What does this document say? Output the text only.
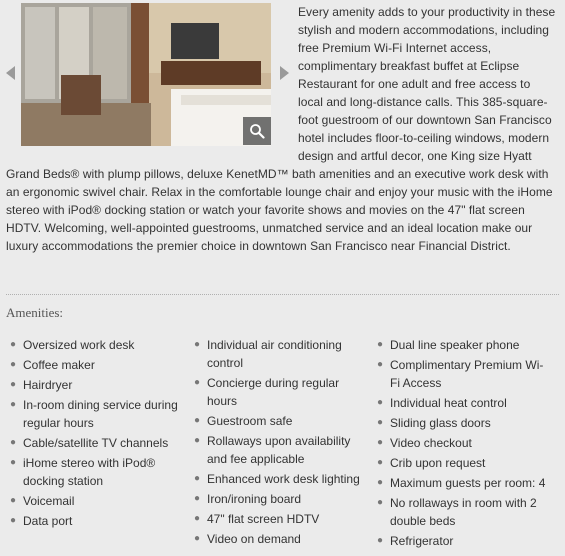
Every amenity adds to your productivity in these stylish and modern accommodations, including free Premium Wi-Fi Internet access, complimentary breakfast buffet at Eclipse Restaurant for one adult and free access to local and long-distance calls. This 385-square-foot guestroom of our downtown San Francisco hotel includes floor-to-ceiling windows, modern design and artful decor, one King size Hyatt Grand Beds® with plump pillows, deluxe KenetMD™ bath amenities and an executive work desk with an ergonomic swivel chair. Relax in the comfortable lounge chair and enjoy your music with the iHome stereo with iPod® docking station or watch your favorite shows and movies on the 47" flat screen HDTV. Welcoming, well-appointed guestrooms, unmatched service and an ideal location make our luxury accommodations the premier choice in downtown San Francisco near Financial District.

Amenities:
● Oversized work desk
● Coffee maker
● Hairdryer
● In-room dining service during regular hours
● Cable/satellite TV channels
● iHome stereo with iPod® docking station
● Voicemail
● Data port
● Individual air conditioning control
● Concierge during regular hours
● Guestroom safe
● Rollaways upon availability and fee applicable
● Enhanced work desk lighting
● Iron/ironing board
● 47" flat screen HDTV
● Video on demand
● Dual line speaker phone
● Complimentary Premium Wi-Fi Access
● Individual heat control
● Sliding glass doors
● Video checkout
● Crib upon request
● Maximum guests per room: 4
● No rollaways in room with 2 double beds
● Refrigerator
